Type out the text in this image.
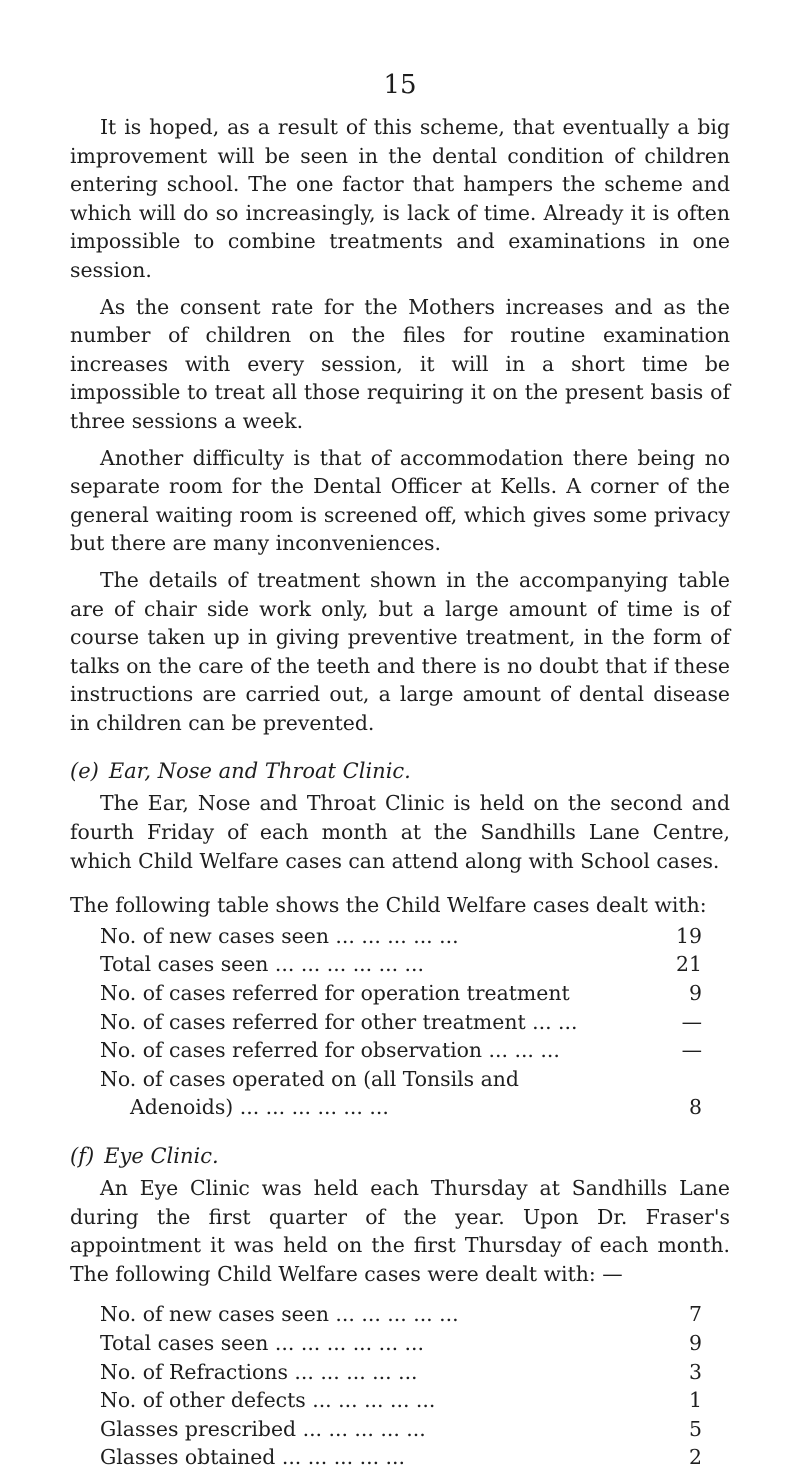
15

It is hoped, as a result of this scheme, that eventually a big improvement will be seen in the dental condition of children entering school. The one factor that hampers the scheme and which will do so increasingly, is lack of time. Already it is often impossible to combine treatments and examinations in one session.

As the consent rate for the Mothers increases and as the number of children on the files for routine examination increases with every session, it will in a short time be impossible to treat all those requiring it on the present basis of three sessions a week.

Another difficulty is that of accommodation there being no separate room for the Dental Officer at Kells. A corner of the general waiting room is screened off, which gives some privacy but there are many inconveniences.

The details of treatment shown in the accompanying table are of chair side work only, but a large amount of time is of course taken up in giving preventive treatment, in the form of talks on the care of the teeth and there is no doubt that if these instructions are carried out, a large amount of dental disease in children can be prevented.

(e) Ear, Nose and Throat Clinic.

The Ear, Nose and Throat Clinic is held on the second and fourth Friday of each month at the Sandhills Lane Centre, which Child Welfare cases can attend along with School cases.

The following table shows the Child Welfare cases dealt with:

No. of new cases seen ... ... ... ... ...	19
Total cases seen ... ... ... ... ... ...	21
No. of cases referred for operation treatment	9
No. of cases referred for other treatment ... ...	—
No. of cases referred for observation ... ... ...	—
No. of cases operated on (all Tonsils and
Adenoids) ... ... ... ... ... ...	8

(f) Eye Clinic.

An Eye Clinic was held each Thursday at Sandhills Lane during the first quarter of the year. Upon Dr. Fraser's appointment it was held on the first Thursday of each month. The following Child Welfare cases were dealt with: —

No. of new cases seen ... ... ... ... ...	7
Total cases seen ... ... ... ... ... ...	9
No. of Refractions ... ... ... ... ...	3
No. of other defects ... ... ... ... ...	1
Glasses prescribed ... ... ... ... ...	5
Glasses obtained ... ... ... ... ...	2
